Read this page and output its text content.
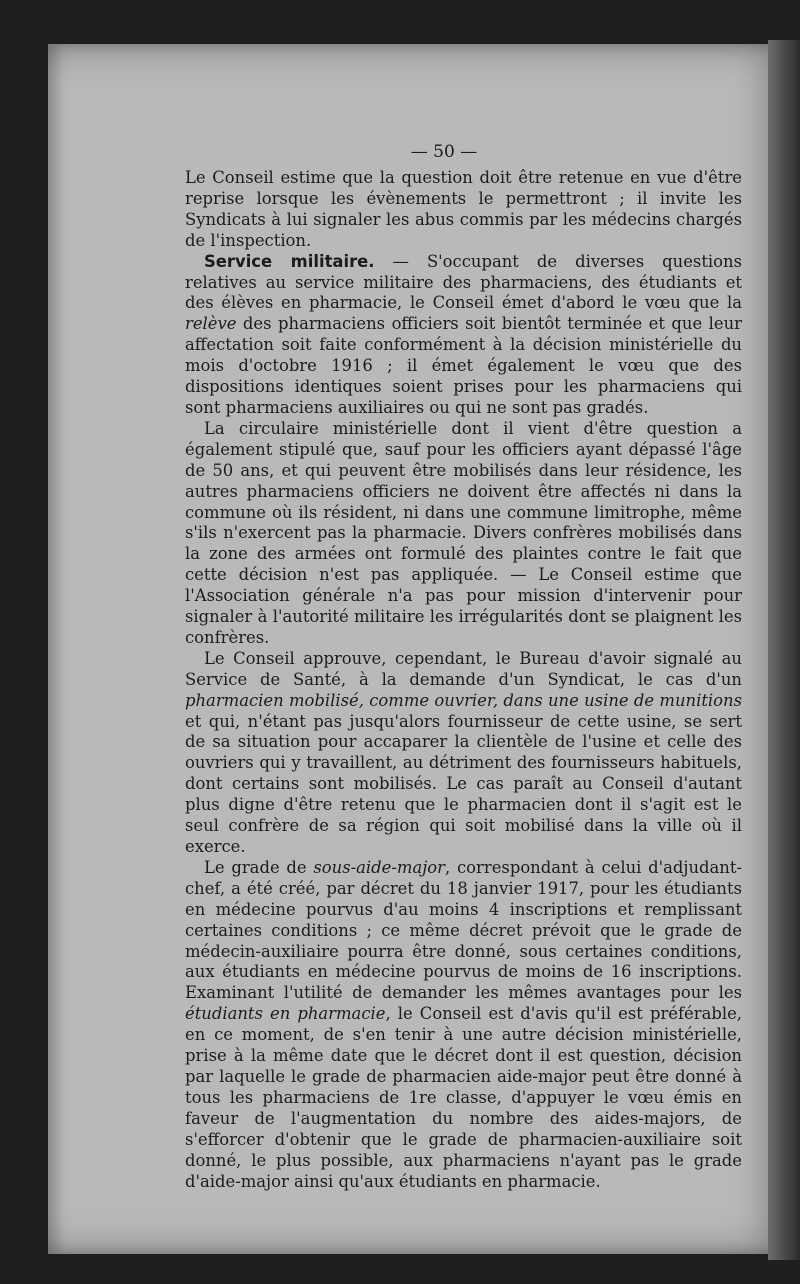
— 50 —

Le Conseil estime que la question doit être retenue en vue d'être reprise lorsque les évènements le permettront ; il invite les Syndicats à lui signaler les abus commis par les médecins chargés de l'inspection.

Service militaire. — S'occupant de diverses questions relatives au service militaire des pharmaciens, des étudiants et des élèves en pharmacie, le Conseil émet d'abord le vœu que la relève des pharmaciens officiers soit bientôt terminée et que leur affectation soit faite conformément à la décision ministérielle du mois d'octobre 1916 ; il émet également le vœu que des dispositions identiques soient prises pour les pharmaciens qui sont pharmaciens auxiliaires ou qui ne sont pas gradés.

La circulaire ministérielle dont il vient d'être question a également stipulé que, sauf pour les officiers ayant dépassé l'âge de 50 ans, et qui peuvent être mobilisés dans leur résidence, les autres pharmaciens officiers ne doivent être affectés ni dans la commune où ils résident, ni dans une commune limitrophe, même s'ils n'exercent pas la pharmacie. Divers confrères mobilisés dans la zone des armées ont formulé des plaintes contre le fait que cette décision n'est pas appliquée. — Le Conseil estime que l'Association générale n'a pas pour mission d'intervenir pour signaler à l'autorité militaire les irrégularités dont se plaignent les confrères.

Le Conseil approuve, cependant, le Bureau d'avoir signalé au Service de Santé, à la demande d'un Syndicat, le cas d'un pharmacien mobilisé, comme ouvrier, dans une usine de munitions et qui, n'étant pas jusqu'alors fournisseur de cette usine, se sert de sa situation pour accaparer la clientèle de l'usine et celle des ouvriers qui y travaillent, au détriment des fournisseurs habituels, dont certains sont mobilisés. Le cas paraît au Conseil d'autant plus digne d'être retenu que le pharmacien dont il s'agit est le seul confrère de sa région qui soit mobilisé dans la ville où il exerce.

Le grade de sous-aide-major, correspondant à celui d'adjudant-chef, a été créé, par décret du 18 janvier 1917, pour les étudiants en médecine pourvus d'au moins 4 inscriptions et remplissant certaines conditions ; ce même décret prévoit que le grade de médecin-auxiliaire pourra être donné, sous certaines conditions, aux étudiants en médecine pourvus de moins de 16 inscriptions. Examinant l'utilité de demander les mêmes avantages pour les étudiants en pharmacie, le Conseil est d'avis qu'il est préférable, en ce moment, de s'en tenir à une autre décision ministérielle, prise à la même date que le décret dont il est question, décision par laquelle le grade de pharmacien aide-major peut être donné à tous les pharmaciens de 1re classe, d'appuyer le vœu émis en faveur de l'augmentation du nombre des aides-majors, de s'efforcer d'obtenir que le grade de pharmacien-auxiliaire soit donné, le plus possible, aux pharmaciens n'ayant pas le grade d'aide-major ainsi qu'aux étudiants en pharmacie.
